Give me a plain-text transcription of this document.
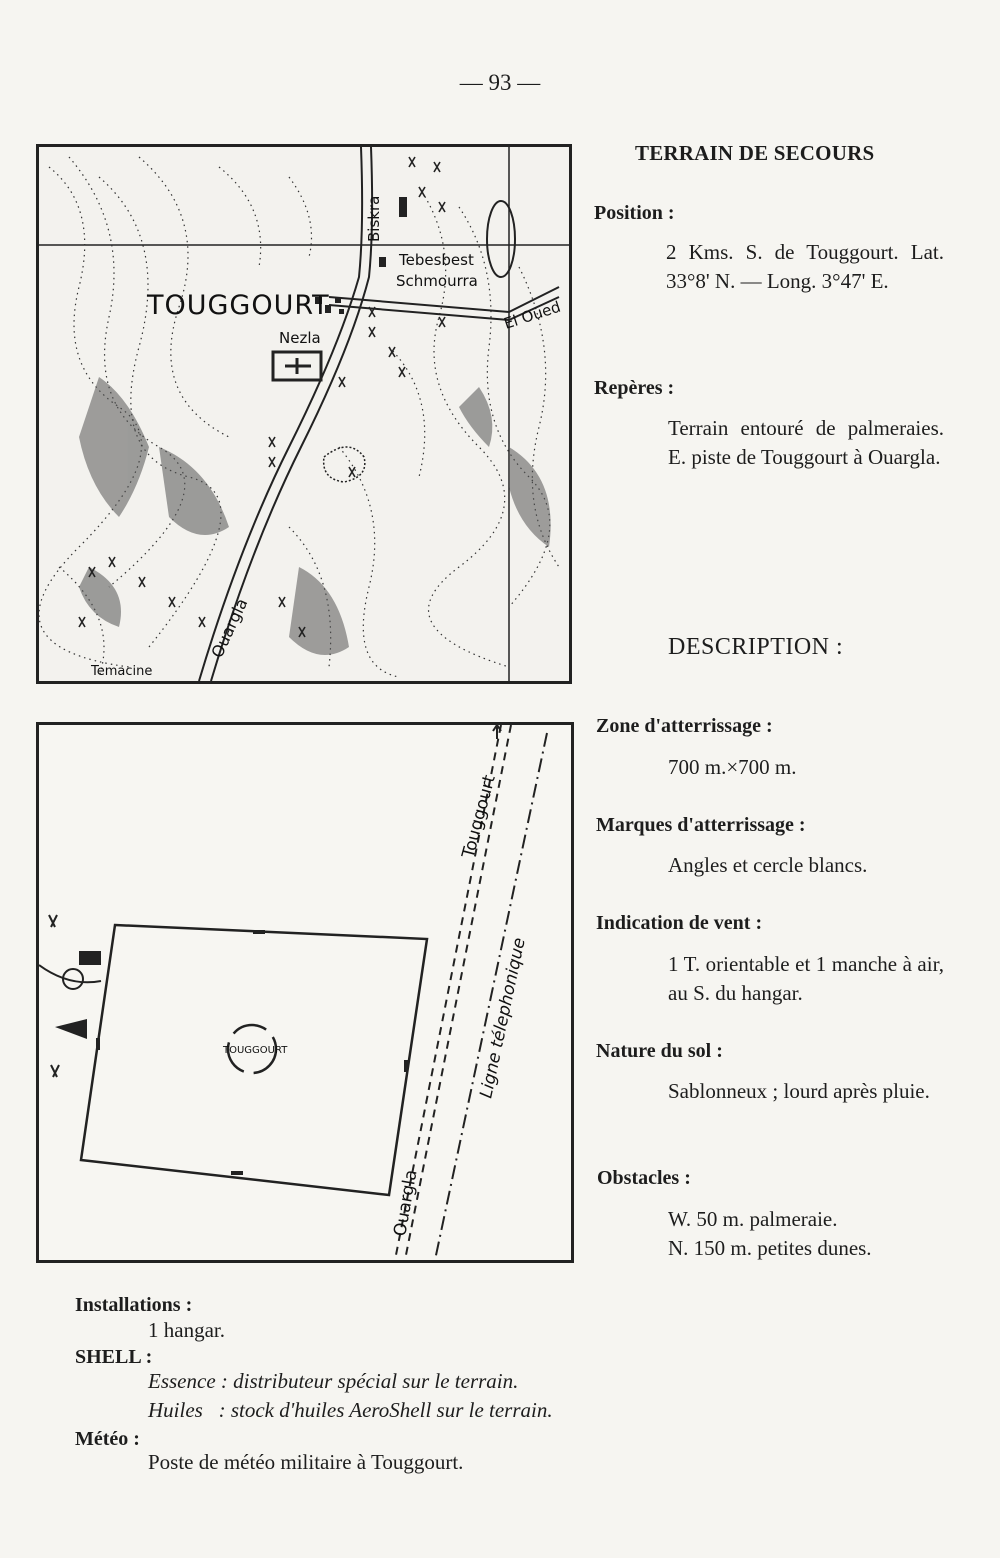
— 93 —
TOUGGOURT
Biskra
Tebesbest
Schmourra
El Oued
Nezla
Ouargla
Temacine
TOUGGOURT
Touggourt
Ouargla
Ligne télephonique
TERRAIN DE SECOURS
Position :
2 Kms. S. de Touggourt. Lat. 33°8' N. — Long. 3°47' E.
Repères :
Terrain entouré de palmeraies. E. piste de Touggourt à Ouargla.
DESCRIPTION :
Zone d'atterrissage :
700 m.×700 m.
Marques d'atterrissage :
Angles et cercle blancs.
Indication de vent :
1 T. orientable et 1 manche à air, au S. du hangar.
Nature du sol :
Sablonneux ; lourd après pluie.
Obstacles :
W. 50 m. palmeraie.
N. 150 m. petites dunes.
Installations :
1 hangar.
SHELL :
Essence : distributeur spécial sur le terrain.
Huiles   : stock d'huiles AeroShell sur le terrain.
Météo :
Poste de météo militaire à Touggourt.
